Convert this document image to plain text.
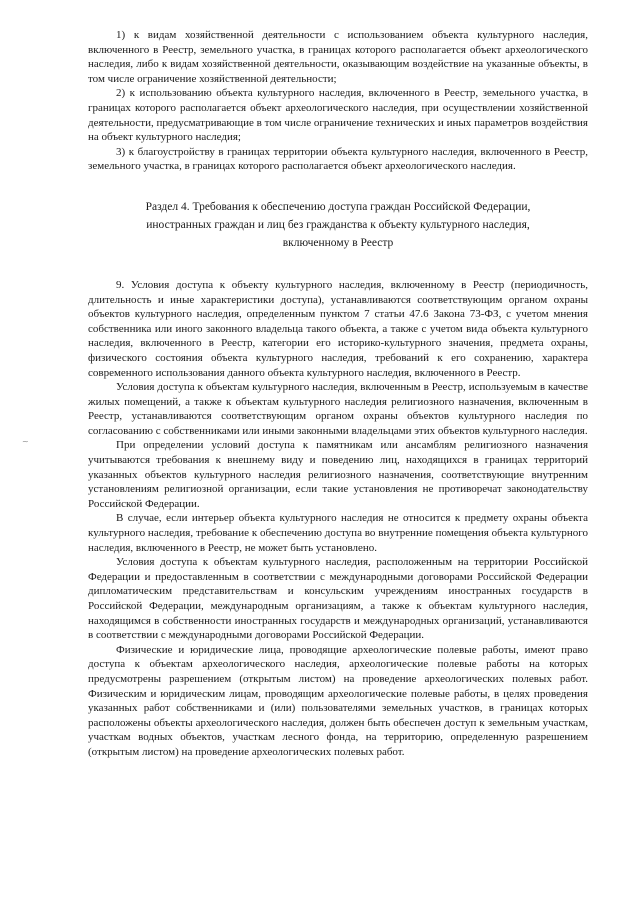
1) к видам хозяйственной деятельности с использованием объекта культурного наследия, включенного в Реестр, земельного участка, в границах которого располагается объект археологического наследия, либо к видам хозяйственной деятельности, оказывающим воздействие на указанные объекты, в том числе ограничение хозяйственной деятельности;

2) к использованию объекта культурного наследия, включенного в Реестр, земельного участка, в границах которого располагается объект археологического наследия, при осуществлении хозяйственной деятельности, предусматривающие в том числе ограничение технических и иных параметров воздействия на объект культурного наследия;

3) к благоустройству в границах территории объекта культурного наследия, включенного в Реестр, земельного участка, в границах которого располагается объект археологического наследия.

Раздел 4. Требования к обеспечению доступа граждан Российской Федерации,
иностранных граждан и лиц без гражданства к объекту культурного наследия,
включенному в Реестр

9. Условия доступа к объекту культурного наследия, включенному в Реестр (периодичность, длительность и иные характеристики доступа), устанавливаются соответствующим органом охраны объектов культурного наследия, определенным пунктом 7 статьи 47.6 Закона 73-ФЗ, с учетом мнения собственника или иного законного владельца такого объекта, а также с учетом вида объекта культурного наследия, включенного в Реестр, категории его историко-культурного значения, предмета охраны, физического состояния объекта культурного наследия, требований к его сохранению, характера современного использования данного объекта культурного наследия, включенного в Реестр.

Условия доступа к объектам культурного наследия, включенным в Реестр, используемым в качестве жилых помещений, а также к объектам культурного наследия религиозного назначения, включенным в Реестр, устанавливаются соответствующим органом охраны объектов культурного наследия по согласованию с собственниками или иными законными владельцами этих объектов культурного наследия.

При определении условий доступа к памятникам или ансамблям религиозного назначения учитываются требования к внешнему виду и поведению лиц, находящихся в границах территорий указанных объектов культурного наследия религиозного назначения, соответствующие внутренним установлениям религиозной организации, если такие установления не противоречат законодательству Российской Федерации.

В случае, если интерьер объекта культурного наследия не относится к предмету охраны объекта культурного наследия, требование к обеспечению доступа во внутренние помещения объекта культурного наследия, включенного в Реестр, не может быть установлено.

Условия доступа к объектам культурного наследия, расположенным на территории Российской Федерации и предоставленным в соответствии с международными договорами Российской Федерации дипломатическим представительствам и консульским учреждениям иностранных государств в Российской Федерации, международным организациям, а также к объектам культурного наследия, находящимся в собственности иностранных государств и международных организаций, устанавливаются в соответствии с международными договорами Российской Федерации.

Физические и юридические лица, проводящие археологические полевые работы, имеют право доступа к объектам археологического наследия, археологические полевые работы на которых предусмотрены разрешением (открытым листом) на проведение археологических полевых работ. Физическим и юридическим лицам, проводящим археологические полевые работы, в целях проведения указанных работ собственниками и (или) пользователями земельных участков, в границах которых расположены объекты археологического наследия, должен быть обеспечен доступ к земельным участкам, участкам водных объектов, участкам лесного фонда, на территорию, определенную разрешением (открытым листом) на проведение археологических полевых работ.

~
